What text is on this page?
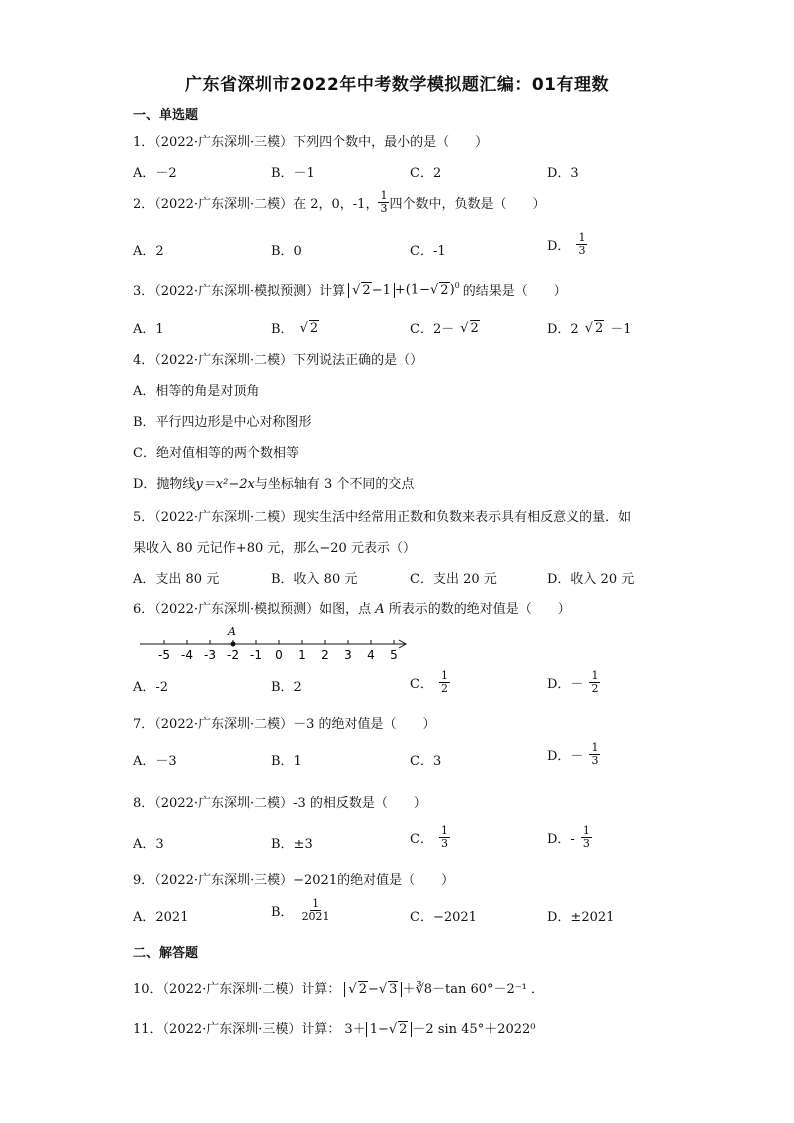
广东省深圳市2022年中考数学模拟题汇编：01有理数
一、单选题
1．（2022·广东深圳·三模）下列四个数中，最小的是（　　）
A．－2	B．－1	C．2	D．3
2．（2022·广东深圳·二模）在 2，0，-1， $\frac{1}{3}$ 四个数中，负数是（　　）
A．2	B．0	C．-1	D． $\frac{1}{3}$
3．（2022·广东深圳·模拟预测）计算 √ 2−1 +(1−√ 2)$^0$ 的结果是（　　）
A．1	B． √ 2	C．2－ √ 2	D．2 √ 2 －1
4．（2022·广东深圳·二模）下列说法正确的是（）
A．相等的角是对顶角
B．平行四边形是中心对称图形
C．绝对值相等的两个数相等
D．抛物线y＝x²−2x与坐标轴有 3 个不同的交点
5．（2022·广东深圳·二模）现实生活中经常用正数和负数来表示具有相反意义的量．如
果收入 80 元记作+80 元，那么−20 元表示（）
A．支出 80 元	B．收入 80 元	C．支出 20 元	D．收入 20 元
6．（2022·广东深圳·模拟预测）如图，点 A 所表示的数的绝对值是（　　）
-5 -4 -3 -2 -1 0 1 2 3 4 5
A
A．-2	B．2	C． $\frac{1}{2}$	D．－ $\frac{1}{2}$
7．（2022·广东深圳·二模）－3 的绝对值是（　　）
A．－3	B．1	C．3	D．－ $\frac{1}{3}$
8．（2022·广东深圳·二模）-3 的相反数是（　　）
A．3	B．±3	C． $\frac{1}{3}$	D．- $\frac{1}{3}$
9．（2022·广东深圳·三模）−2021的绝对值是（　　）
A．2021	B． $\frac{1}{2021}$	C．−2021	D．±2021
二、解答题
10．（2022·广东深圳·二模）计算： √ 2−√ 3 ＋∛8－tan 60°－2⁻¹ ．
11．（2022·广东深圳·三模）计算： 3＋ 1−√ 2 －2 sin 45°＋2022⁰
